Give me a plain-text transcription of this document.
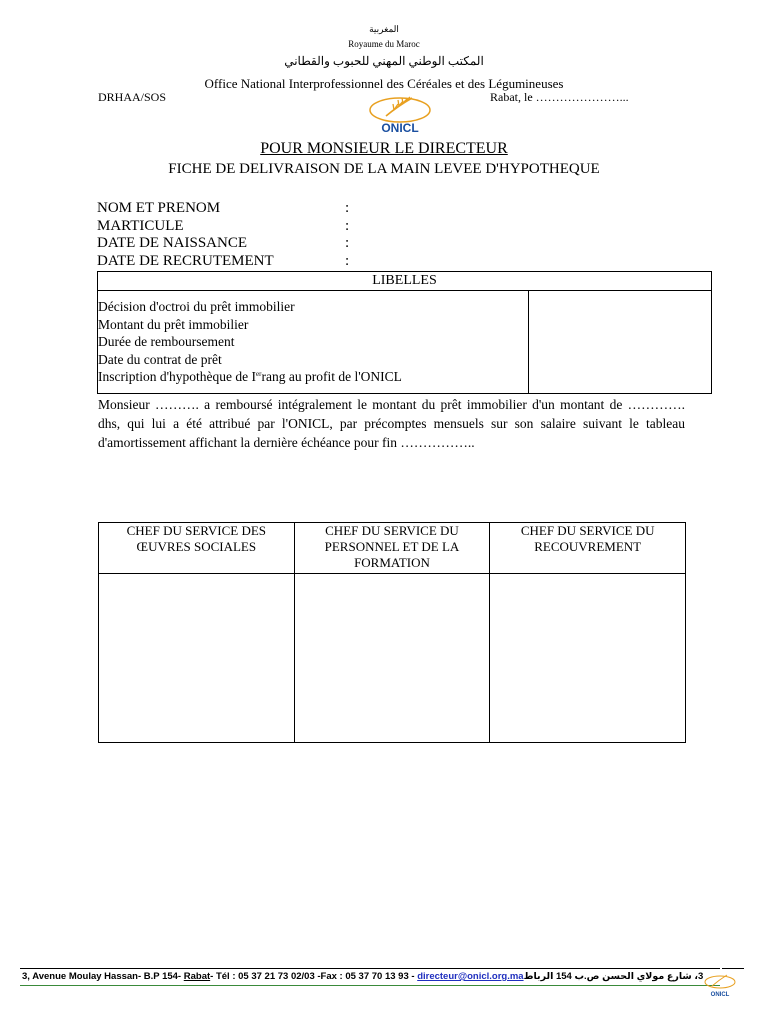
المغربية
Royaume du Maroc
المكتب الوطني المهني للحبوب والقطاني
Office National Interprofessionnel des Céréales et des Légumineuses
DRHAA/SOS	Rabat, le …………………...
ONICL
POUR MONSIEUR LE DIRECTEUR
FICHE DE DELIVRAISON DE LA MAIN LEVEE D'HYPOTHEQUE
NOM ET PRENOM	:
MARTICULE	:
DATE DE NAISSANCE	:
DATE DE RECRUTEMENT	:
LIBELLES
Décision d'octroi du prêt immobilier
Montant du prêt immobilier
Durée de remboursement
Date du contrat de prêt
Inscription d'hypothèque de Ierrang au profit de l'ONICL
Monsieur ………. a remboursé intégralement le montant du prêt immobilier d'un montant de …………. dhs, qui lui a été attribué par l'ONICL, par précomptes mensuels sur son salaire suivant le tableau d'amortissement affichant la dernière échéance pour fin ……………..
CHEF DU SERVICE DES ŒUVRES SOCIALES	CHEF DU SERVICE DU PERSONNEL ET DE LA FORMATION	CHEF DU SERVICE DU RECOUVREMENT

3, Avenue Moulay Hassan- B.P 154- Rabat- Tél : 05 37 21 73 02/03 -Fax : 05 37 70 13 93 - directeur@onicl.org.ma3، شارع مولاي الحسن ص.ب 154 الرباط
ONICL
